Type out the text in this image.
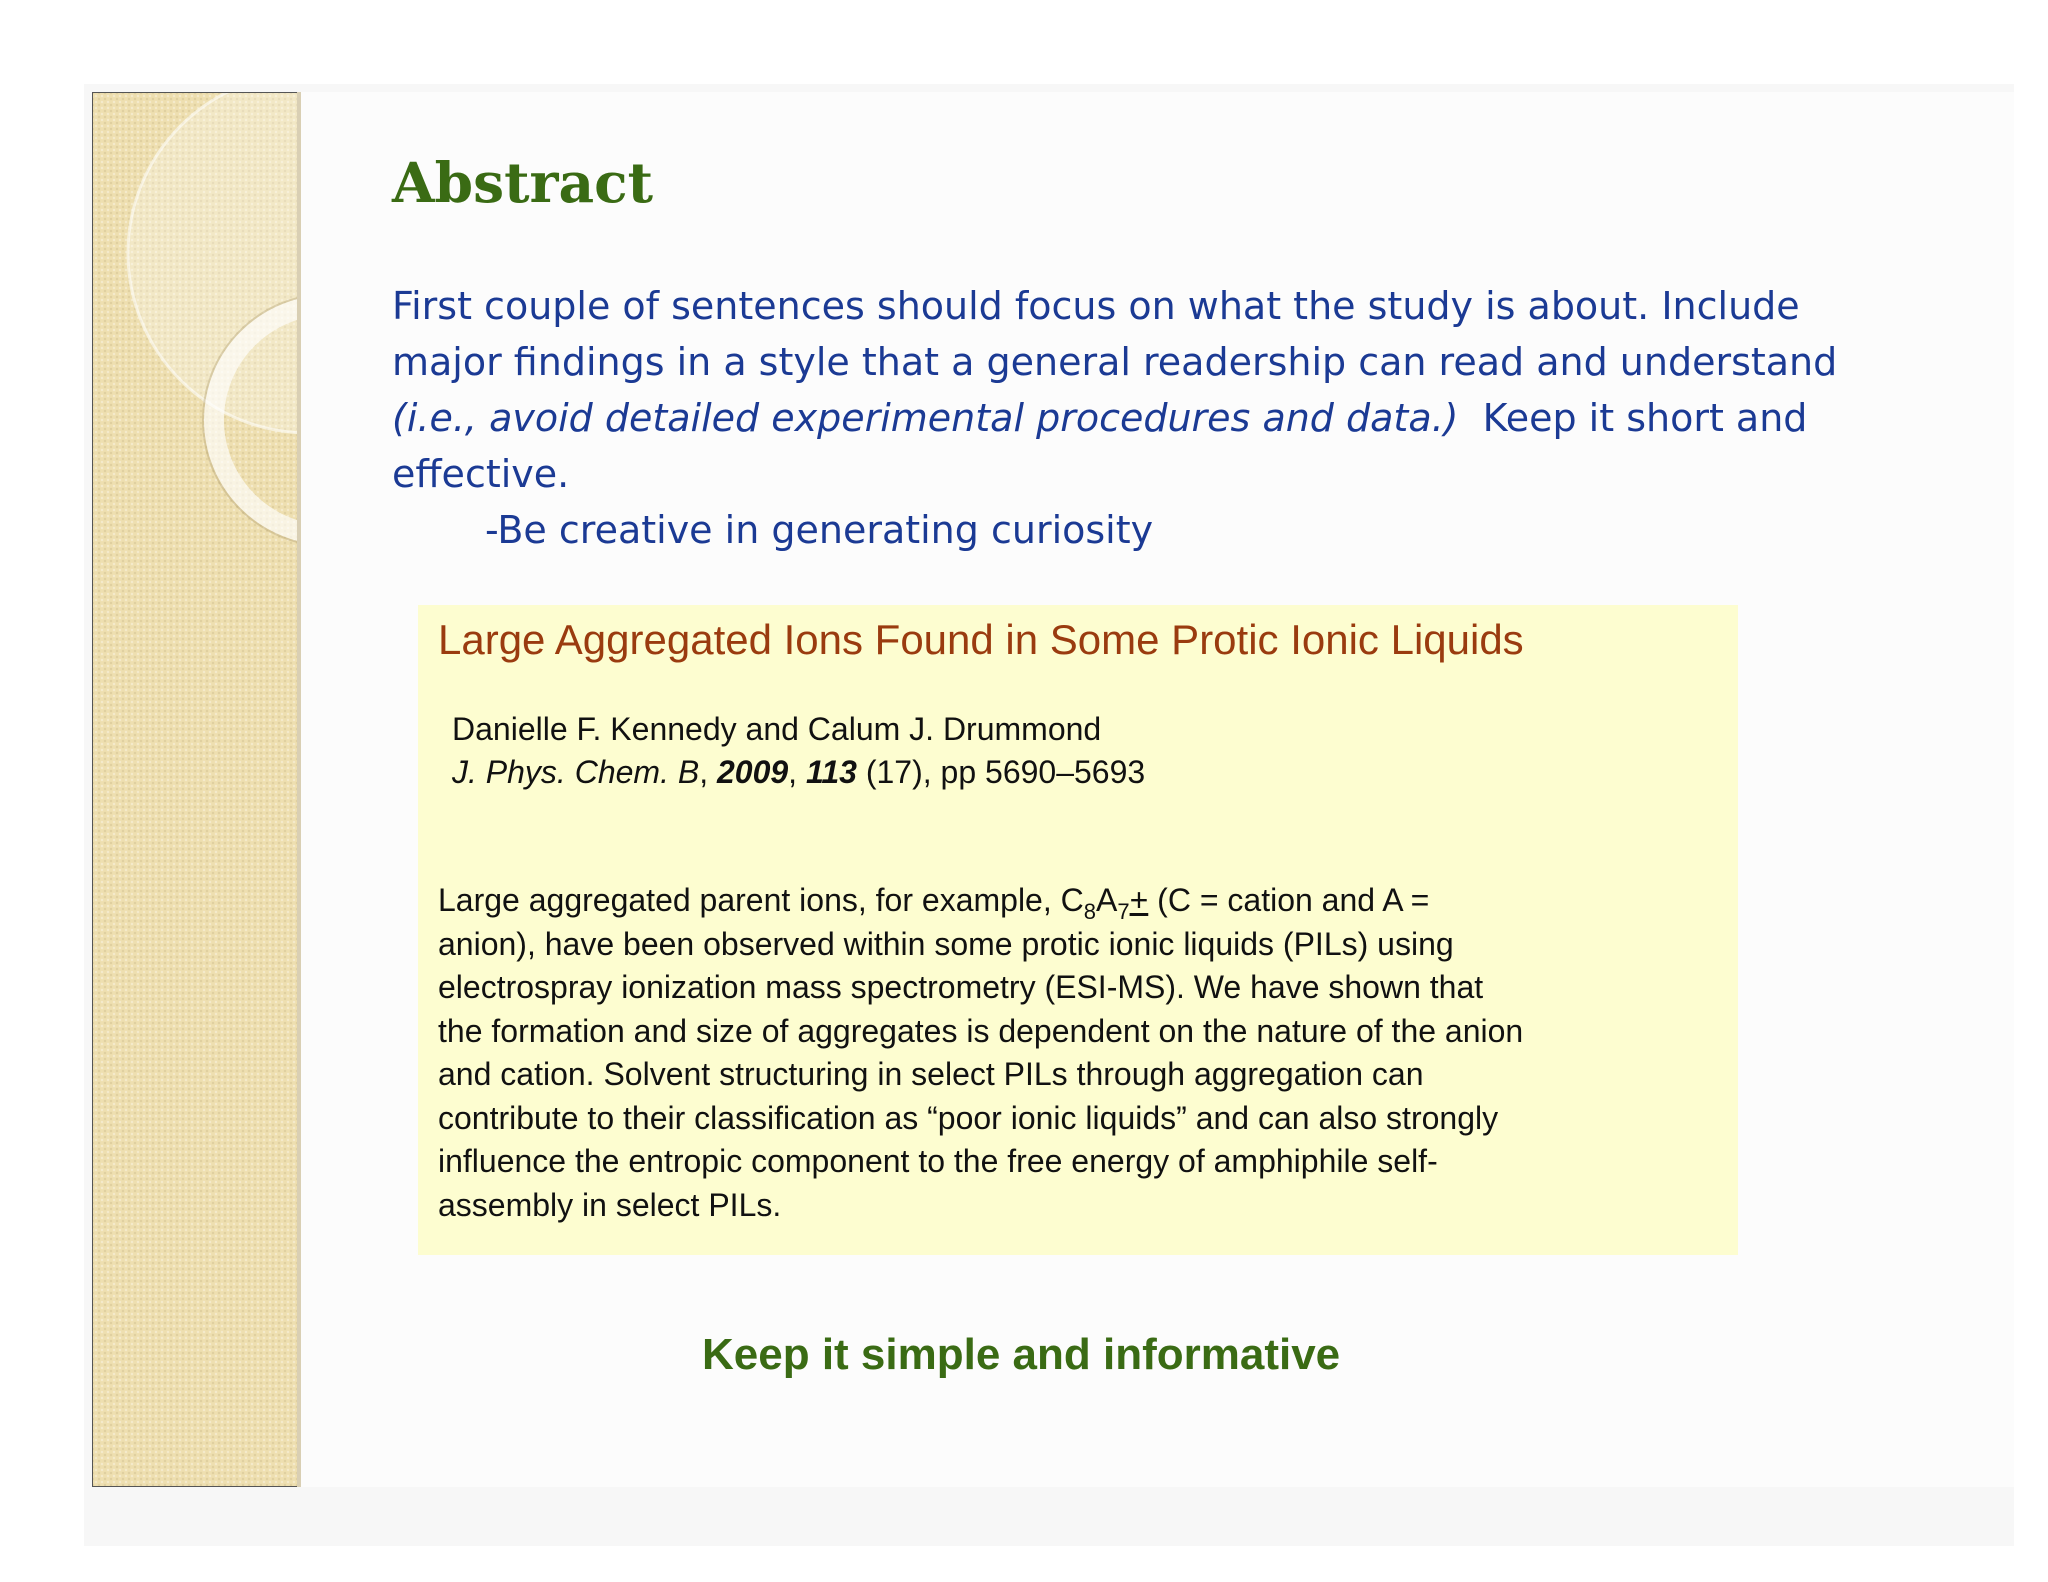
Abstract
First couple of sentences should focus on what the study is about. Include
major findings in a style that a general readership can read and understand
(i.e., avoid detailed experimental procedures and data.)  Keep it short and
effective.
-Be creative in generating curiosity
Large Aggregated Ions Found in Some Protic Ionic Liquids
Danielle F. Kennedy and Calum J. Drummond
J. Phys. Chem. B, 2009, 113 (17), pp 5690–5693
Large aggregated parent ions, for example, $C_8A_7+ (C$ = cation and A =
anion), have been observed within some protic ionic liquids (PILs) using
electrospray ionization mass spectrometry (ESI-MS). We have shown that
the formation and size of aggregates is dependent on the nature of the anion
and cation. Solvent structuring in select PILs through aggregation can
contribute to their classification as “poor ionic liquids” and can also strongly
influence the entropic component to the free energy of amphiphile self-
assembly in select PILs.
Keep it simple and informative
